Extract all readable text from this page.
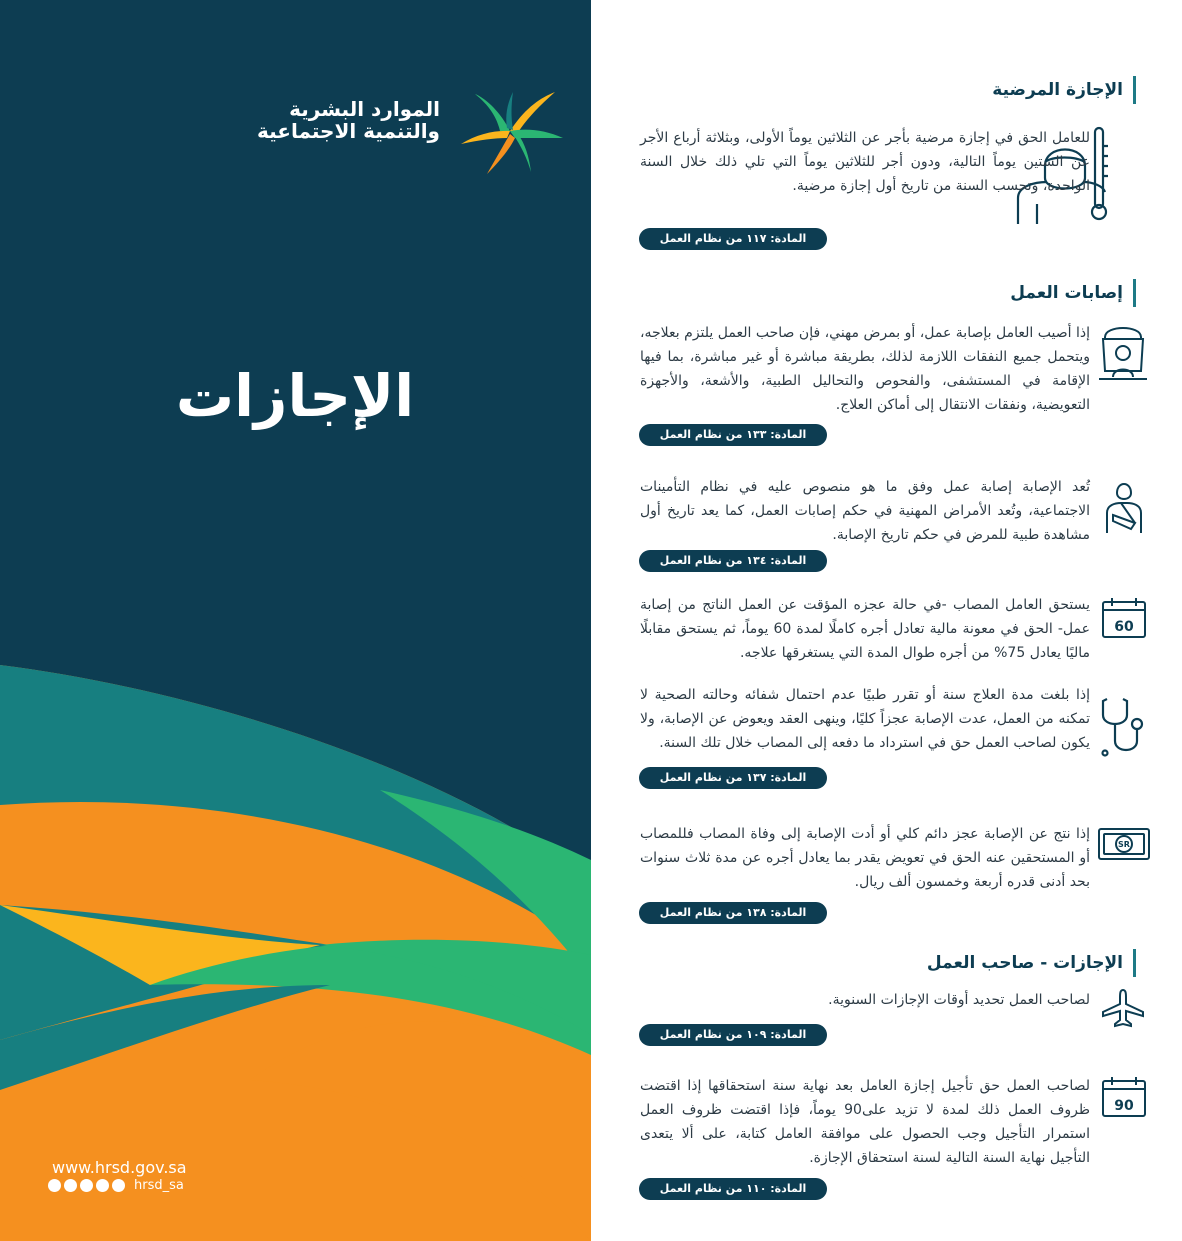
الموارد البشرية
والتنمية الاجتماعية
الإجازات
www.hrsd.gov.sa
hrsd_sa
الإجازة المرضية
للعامل الحق في إجازة مرضية بأجر عن الثلاثين يوماً الأولى، وبثلاثة أرباع الأجر عن الستين يوماً التالية، ودون أجر للثلاثين يوماً التي تلي ذلك خلال السنة الواحدة، وتحسب السنة من تاريخ أول إجازة مرضية.
المادة: ١١٧ من نظام العمل
إصابات العمل
إذا أصيب العامل بإصابة عمل، أو بمرض مهني، فإن صاحب العمل يلتزم بعلاجه، ويتحمل جميع النفقات اللازمة لذلك، بطريقة مباشرة أو غير مباشرة، بما فيها الإقامة في المستشفى، والفحوص والتحاليل الطبية، والأشعة، والأجهزة التعويضية، ونفقات الانتقال إلى أماكن العلاج.
المادة: ١٣٣ من نظام العمل
تُعد الإصابة إصابة عمل وفق ما هو منصوص عليه في نظام التأمينات الاجتماعية، وتُعد الأمراض المهنية في حكم إصابات العمل، كما يعد تاريخ أول مشاهدة طبية للمرض في حكم تاريخ الإصابة.
المادة: ١٣٤ من نظام العمل
60
يستحق العامل المصاب -في حالة عجزه المؤقت عن العمل الناتج من إصابة عمل- الحق في معونة مالية تعادل أجره كاملًا لمدة 60 يوماً، ثم يستحق مقابلًا ماليًا يعادل 75% من أجره طوال المدة التي يستغرقها علاجه.
إذا بلغت مدة العلاج سنة أو تقرر طبيًا عدم احتمال شفائه وحالته الصحية لا تمكنه من العمل، عدت الإصابة عجزاً كليًا، وينهى العقد ويعوض عن الإصابة، ولا يكون لصاحب العمل حق في استرداد ما دفعه إلى المصاب خلال تلك السنة.
المادة: ١٣٧ من نظام العمل
SR
إذا نتج عن الإصابة عجز دائم كلي أو أدت الإصابة إلى وفاة المصاب فللمصاب أو المستحقين عنه الحق في تعويض يقدر بما يعادل أجره عن مدة ثلاث سنوات بحد أدنى قدره أربعة وخمسون ألف ريال.
المادة: ١٣٨ من نظام العمل
الإجازات - صاحب العمل
لصاحب العمل تحديد أوقات الإجازات السنوية.
المادة: ١٠٩ من نظام العمل
90
لصاحب العمل حق تأجيل إجازة العامل بعد نهاية سنة استحقاقها إذا اقتضت ظروف العمل ذلك لمدة لا تزيد على90 يوماً، فإذا اقتضت ظروف العمل استمرار التأجيل وجب الحصول على موافقة العامل كتابة، على ألا يتعدى التأجيل نهاية السنة التالية لسنة استحقاق الإجازة.
المادة: ١١٠ من نظام العمل
